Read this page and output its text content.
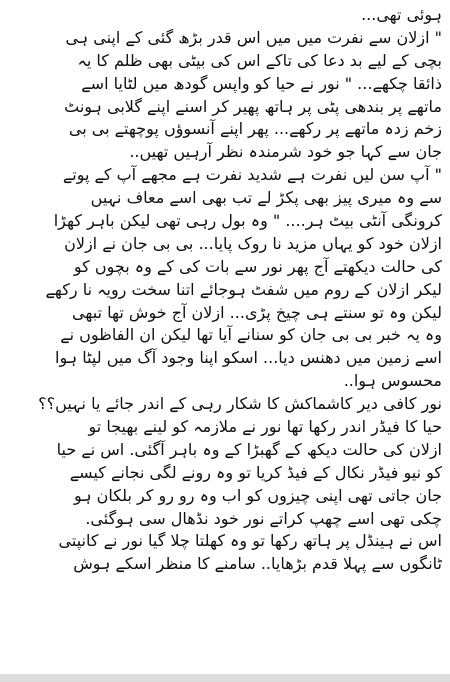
ہوئی تھی...
" ازلان سے نفرت میں میں اس قدر بڑھ گئی کے اپنی ہی
بچی کے لیے بد دعا کی تاکے اس کی بیٹی بھی ظلم کا یہ
ذائقا چکھے... " نور نے حیا کو واپس گودھ میں لٹایا اسے
ماتھے پر بندھی پٹی پر ہاتھ پھیر کر اسنے اپنے گلابی ہونٹ
زخم زدہ ماتھے پر رکھے... پھر اپنے آنسوؤں پوچھتے بی بی
جان سے کہا جو خود شرمندہ نظر آرہیں تھیں..
" آپ سن لیں نفرت ہے شدید نفرت ہے مجھے آپ کے پوتے
سے وہ میری پیز بھی پکڑ لے تب بھی اسے معاف نہیں
کرونگی آنٹی بیٹ ہر.... " وہ بول رہی تھی لیکن باہر کھڑا
ازلان خود کو یہاں مزید نا روک پایا... بی بی جان نے ازلان
کی حالت دیکھتے آج پھر نور سے بات کی کے وہ بچوں کو
لیکر ازلان کے روم میں شفٹ ہوجائے اتنا سخت رویہ نا رکھے
لیکن وہ تو سنتے ہی چیخ پڑی... ازلان آج خوش تھا تبھی
وہ یہ خبر بی بی جان کو سنانے آیا تھا لیکن ان الفاظوں نے
اسے زمین میں دھنس دیا... اسکو اپنا وجود آگ میں لپٹا ہوا
محسوس ہوا..
نور کافی دیر کاشماکش کا شکار رہی کے اندر جائے یا نہیں؟؟
حیا کا فیڈر اندر رکھا تھا نور نے ملازمہ کو لینے بھیجا تو
ازلان کی حالت دیکھ کے گھبڑا کے وہ باہر آگئی. اس نے حیا
کو نیو فیڈر نکال کے فیڈ کریا تو وہ رونے لگی نجانے کیسے
جان جاتی تھی اپنی چیزوں کو اب وہ رو رو کر بلکان ہو
چکی تھی اسے چھپ کراتے نور خود نڈھال سی ہوگئی.
اس نے ہینڈل پر ہاتھ رکھا تو وہ کھلتا چلا گیا نور نے کانپتی
ٹانگوں سے پہلا قدم بڑھایا.. سامنے کا منظر اسکے ہوش
